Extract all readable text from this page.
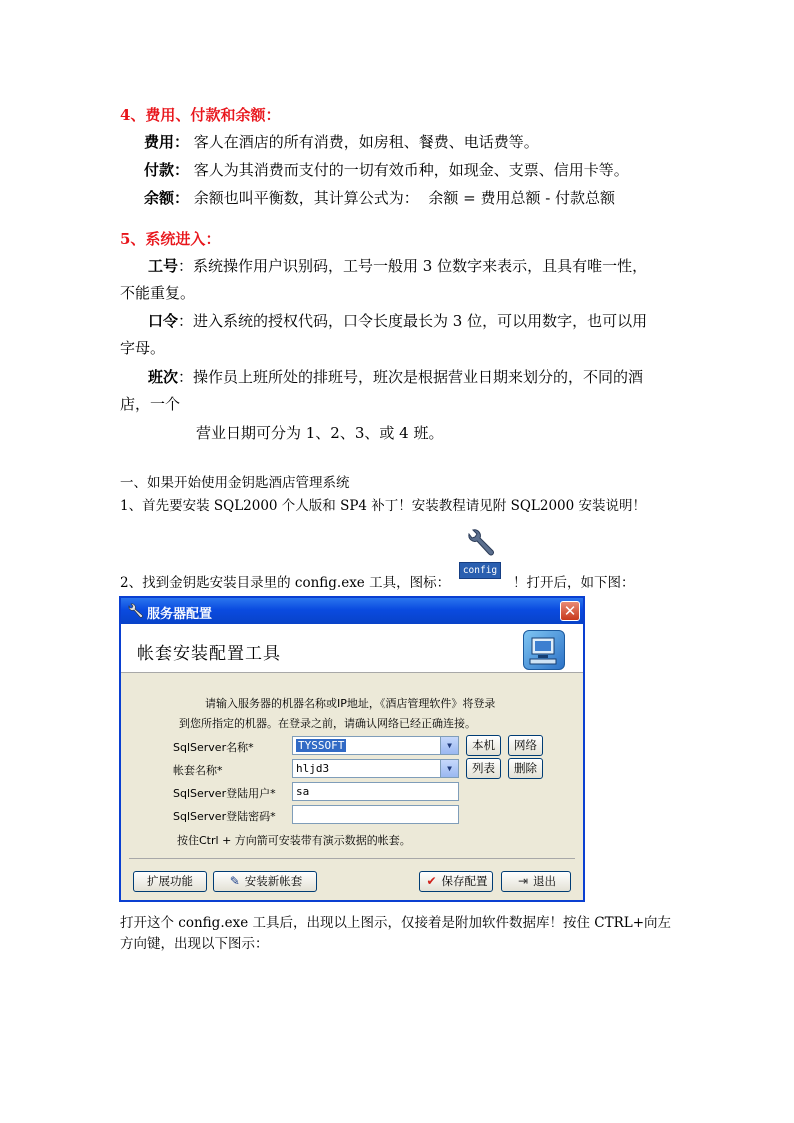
4、费用、付款和余额：
费用： 客人在酒店的所有消费，如房租、餐费、电话费等。
付款： 客人为其消费而支付的一切有效币种，如现金、支票、信用卡等。
余额： 余额也叫平衡数，其计算公式为：  余额 = 费用总额 - 付款总额
5、系统进入：
工号：系统操作用户识别码，工号一般用 3 位数字来表示，且具有唯一性，
不能重复。
口令：进入系统的授权代码，口令长度最长为 3 位，可以用数字，也可以用
字母。
班次：操作员上班所处的排班号，班次是根据营业日期来划分的，不同的酒
店，一个
营业日期可分为 1、2、3、或 4 班。
一、如果开始使用金钥匙酒店管理系统
1、首先要安装 SQL2000 个人版和 SP4 补丁！安装教程请见附 SQL2000 安装说明！
2、找到金钥匙安装目录里的 config.exe 工具，图标：
config
！打开后，如下图：
服务器配置	✕
帐套安装配置工具
请输入服务器的机器名称或IP地址，《酒店管理软件》将登录
到您所指定的机器。在登录之前，请确认网络已经正确连接。
SqlServer名称*	TYSSOFT	▼	本机	网络
帐套名称*	hljd3	▼	列表	删除
SqlServer登陆用户*	sa
SqlServer登陆密码*
按住Ctrl + 方向箭可安装带有演示数据的帐套。
扩展功能	✎ 安装新帐套	✔ 保存配置	⇥ 退出
打开这个 config.exe 工具后，出现以上图示，仅接着是附加软件数据库！按住 CTRL+向左
方向键，出现以下图示：
